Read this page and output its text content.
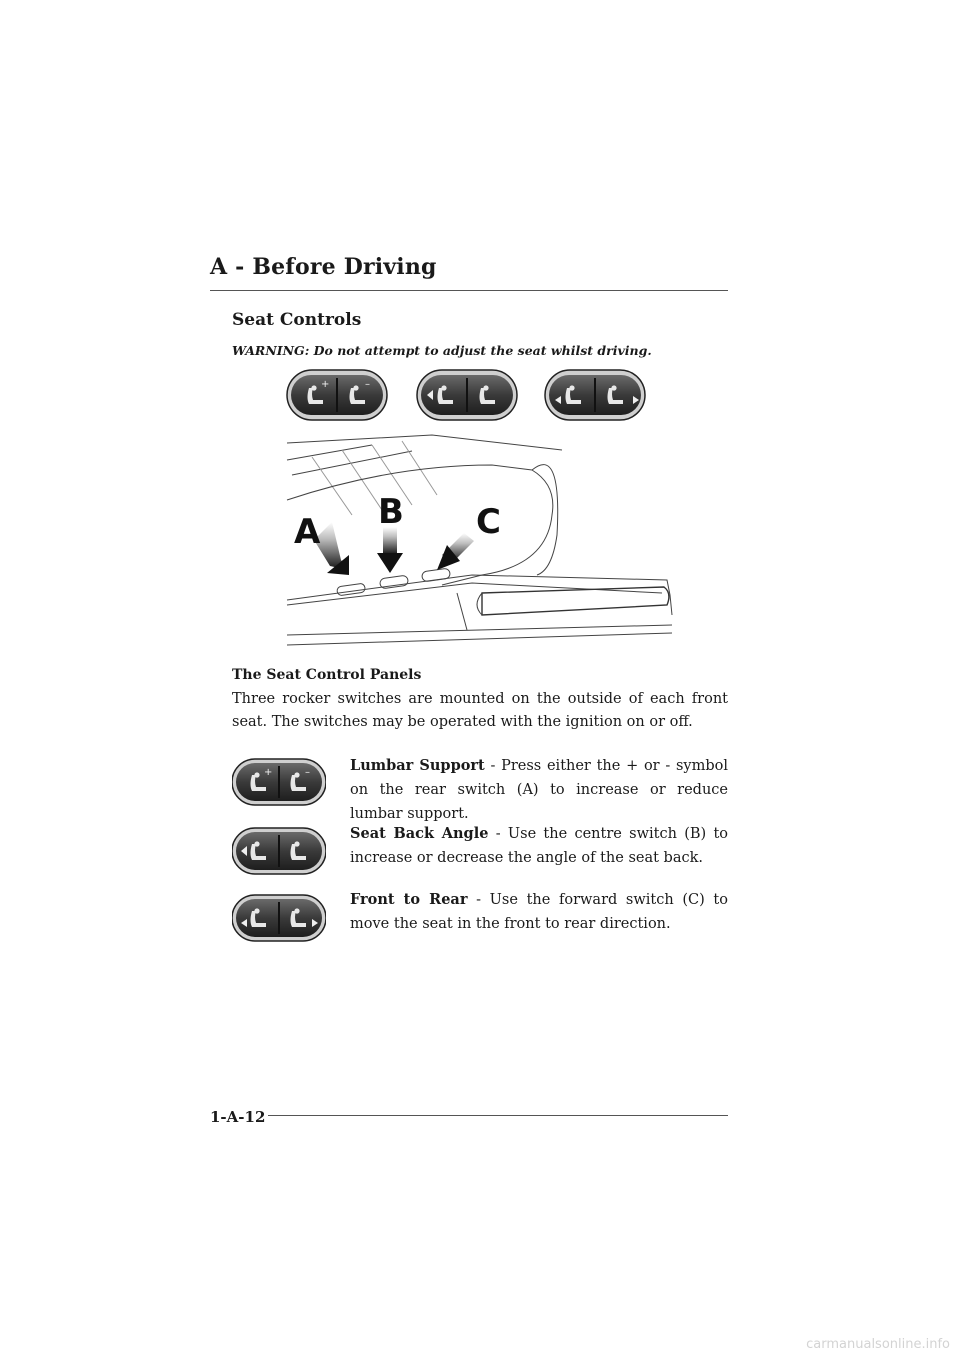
A - Before Driving
Seat Controls
WARNING: Do not attempt to adjust the seat whilst driving.
+	–
A B C
The Seat Control Panels
Three rocker switches are mounted on the outside of each front seat. The switches may be operated with the ignition on or off.
+	–	Lumbar Support - Press either the + or - symbol on the rear switch (A) to increase or reduce lumbar support.
Seat Back Angle - Use the centre switch (B) to increase or decrease the angle of the seat back.
Front to Rear - Use the forward switch (C) to move the seat in the front to rear direction.
1-A-12
carmanualsonline.info
